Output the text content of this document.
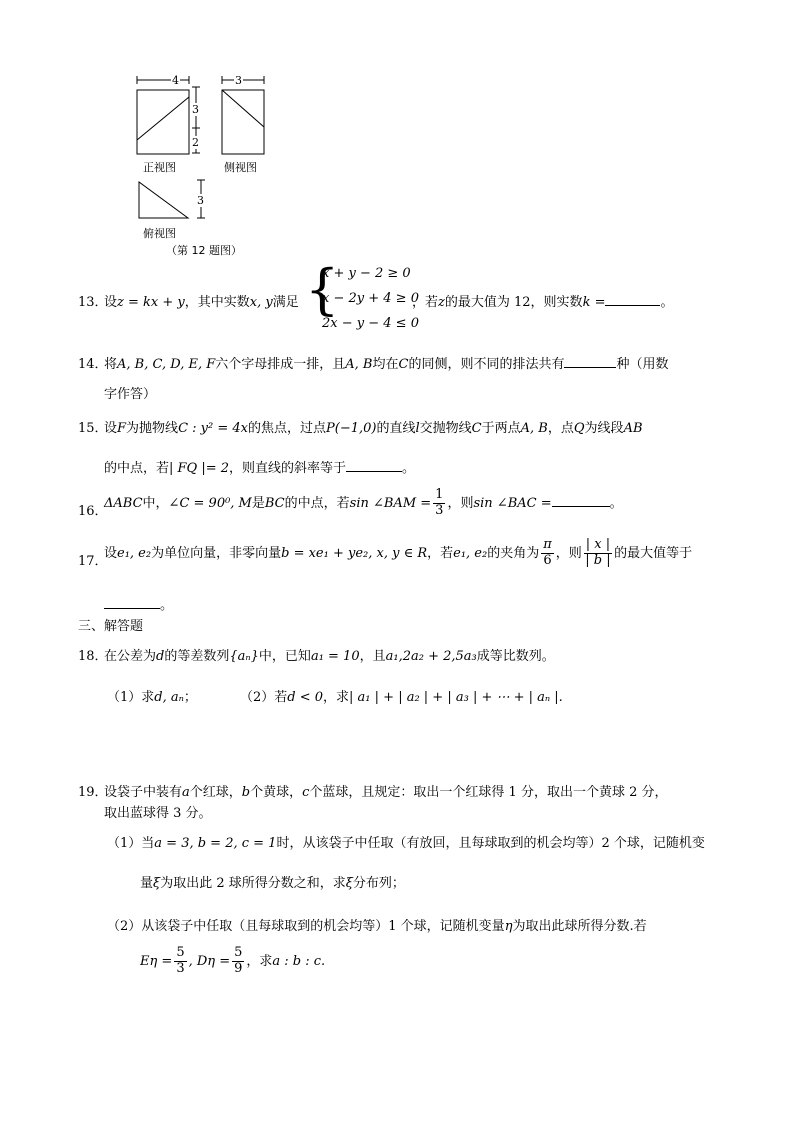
4
3
2
3
正视图	侧视图
3
俯视图
（第 12 题图）
13．
设z = kx + y，其中实数x, y满足 {
x + y − 2 ≥ 0
x − 2y + 4 ≥ 0
2x − y − 4 ≤ 0
，若z的最大值为 12，则实数k =	。
14．
将A, B, C, D, E, F六个字母排成一排，且A, B均在C的同侧，则不同的排法共有	种（用数
字作答）
15．
设F为抛物线C : y² = 4x的焦点，过点P(−1,0)的直线l交抛物线C于两点A, B，点Q为线段AB
的中点，若| FQ |= 2，则直线的斜率等于	。
16．
ΔABC中，∠C = 90⁰, M是BC的中点，若sin ∠BAM = $\frac{1}{3}$ ，则sin ∠BAC =	。
17．
设e₁, e₂为单位向量，非零向量b = xe₁ + ye₂, x, y ∈ R，若e₁, e₂的夹角为 $\frac{\pi}{6}$ ，则 $\frac{| x |}{| b |}$ 的最大值等于
。
三、解答题
18．
在公差为d的等差数列{aₙ}中，已知a₁ = 10，且a₁,2a₂ + 2,5a₃成等比数列。
（1）求d, aₙ；	（2）若d < 0，求| a₁ | + | a₂ | + | a₃ | + ⋯ + | aₙ |.
19．
设袋子中装有a个红球，b个黄球，c个蓝球，且规定：取出一个红球得 1 分，取出一个黄球 2 分，
取出蓝球得 3 分。
（1）当a = 3, b = 2, c = 1时，从该袋子中任取（有放回，且每球取到的机会均等）2 个球，记随机变
量ξ为取出此 2 球所得分数之和，求ξ分布列；
（2）从该袋子中任取（且每球取到的机会均等）1 个球，记随机变量η为取出此球所得分数.若
$E\eta = \frac{5}{3}$ , $D\eta = \frac{5}{9}$ ，求a : b : c.
